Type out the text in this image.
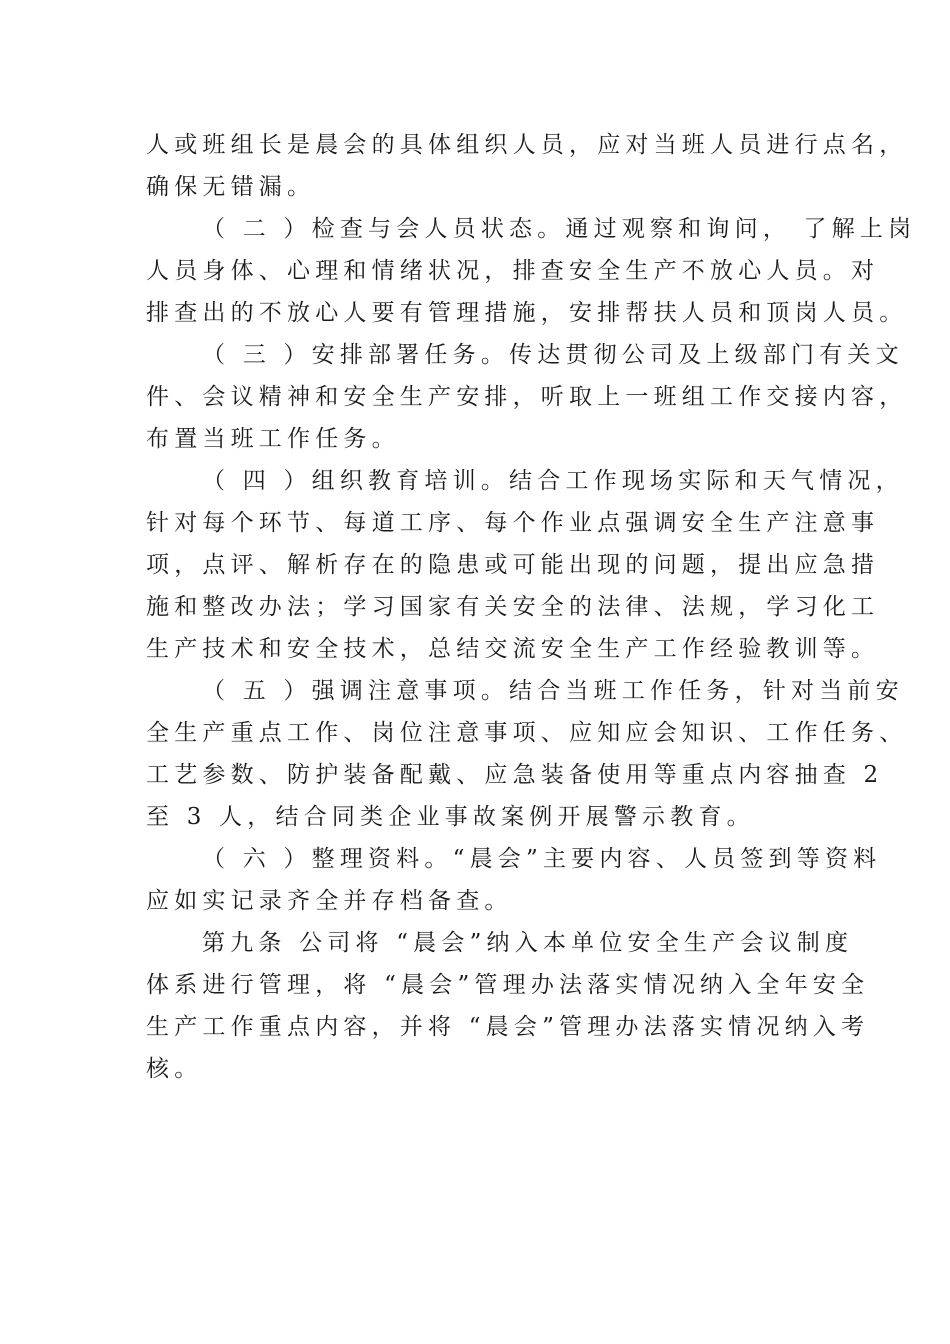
人或班组长是晨会的具体组织人员，应对当班人员进行点名，
确保无错漏。
（ 二 ）检查与会人员状态。通过观察和询问， 了解上岗
人员身体、心理和情绪状况，排查安全生产不放心人员。对
排查出的不放心人要有管理措施，安排帮扶人员和顶岗人员。
（ 三 ）安排部署任务。传达贯彻公司及上级部门有关文
件、会议精神和安全生产安排，听取上一班组工作交接内容，
布置当班工作任务。
（ 四 ）组织教育培训。结合工作现场实际和天气情况，
针对每个环节、每道工序、每个作业点强调安全生产注意事
项，点评、解析存在的隐患或可能出现的问题，提出应急措
施和整改办法；学习国家有关安全的法律、法规，学习化工
生产技术和安全技术，总结交流安全生产工作经验教训等。
（ 五 ）强调注意事项。结合当班工作任务，针对当前安
全生产重点工作、岗位注意事项、应知应会知识、工作任务、
工艺参数、防护装备配戴、应急装备使用等重点内容抽查 2
至 3 人，结合同类企业事故案例开展警示教育。
（ 六 ）整理资料。“晨会”主要内容、人员签到等资料
应如实记录齐全并存档备查。
第九条 公司将 “晨会”纳入本单位安全生产会议制度
体系进行管理，将 “晨会”管理办法落实情况纳入全年安全
生产工作重点内容，并将 “晨会”管理办法落实情况纳入考
核。
